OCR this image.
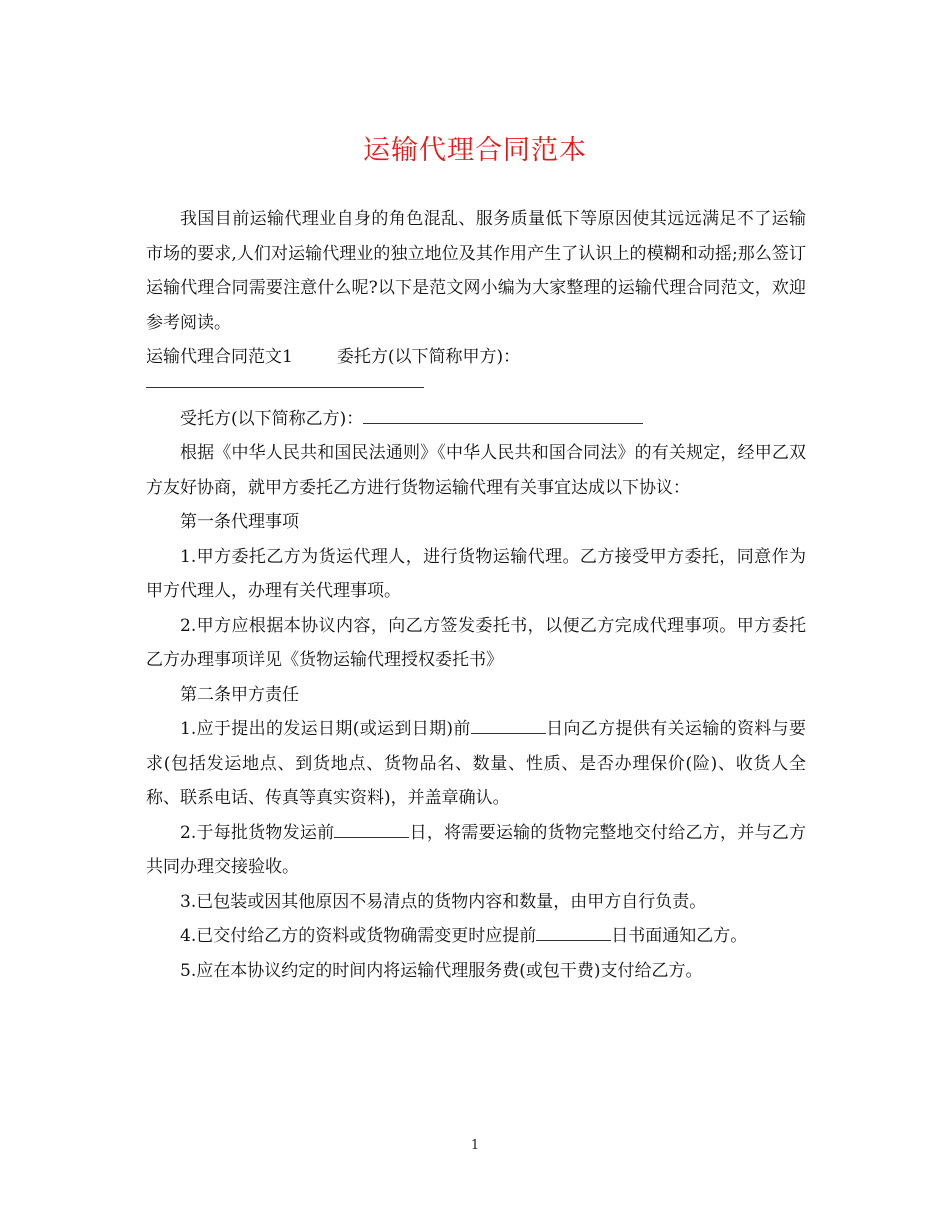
运输代理合同范本

我国目前运输代理业自身的角色混乱、服务质量低下等原因使其远远满足不了运输市场的要求,人们对运输代理业的独立地位及其作用产生了认识上的模糊和动摇;那么签订运输代理合同需要注意什么呢?以下是范文网小编为大家整理的运输代理合同范文，欢迎参考阅读。

运输代理合同范文1	委托方(以下简称甲方)：

受托方(以下简称乙方)：

根据《中华人民共和国民法通则》《中华人民共和国合同法》的有关规定，经甲乙双方友好协商，就甲方委托乙方进行货物运输代理有关事宜达成以下协议：

第一条代理事项

1.甲方委托乙方为货运代理人，进行货物运输代理。乙方接受甲方委托，同意作为甲方代理人，办理有关代理事项。

2.甲方应根据本协议内容，向乙方签发委托书，以便乙方完成代理事项。甲方委托乙方办理事项详见《货物运输代理授权委托书》

第二条甲方责任

1.应于提出的发运日期(或运到日期)前	日向乙方提供有关运输的资料与要求(包括发运地点、到货地点、货物品名、数量、性质、是否办理保价(险)、收货人全称、联系电话、传真等真实资料)，并盖章确认。

2.于每批货物发运前	日，将需要运输的货物完整地交付给乙方，并与乙方共同办理交接验收。

3.已包装或因其他原因不易清点的货物内容和数量，由甲方自行负责。

4.已交付给乙方的资料或货物确需变更时应提前	日书面通知乙方。

5.应在本协议约定的时间内将运输代理服务费(或包干费)支付给乙方。

1
